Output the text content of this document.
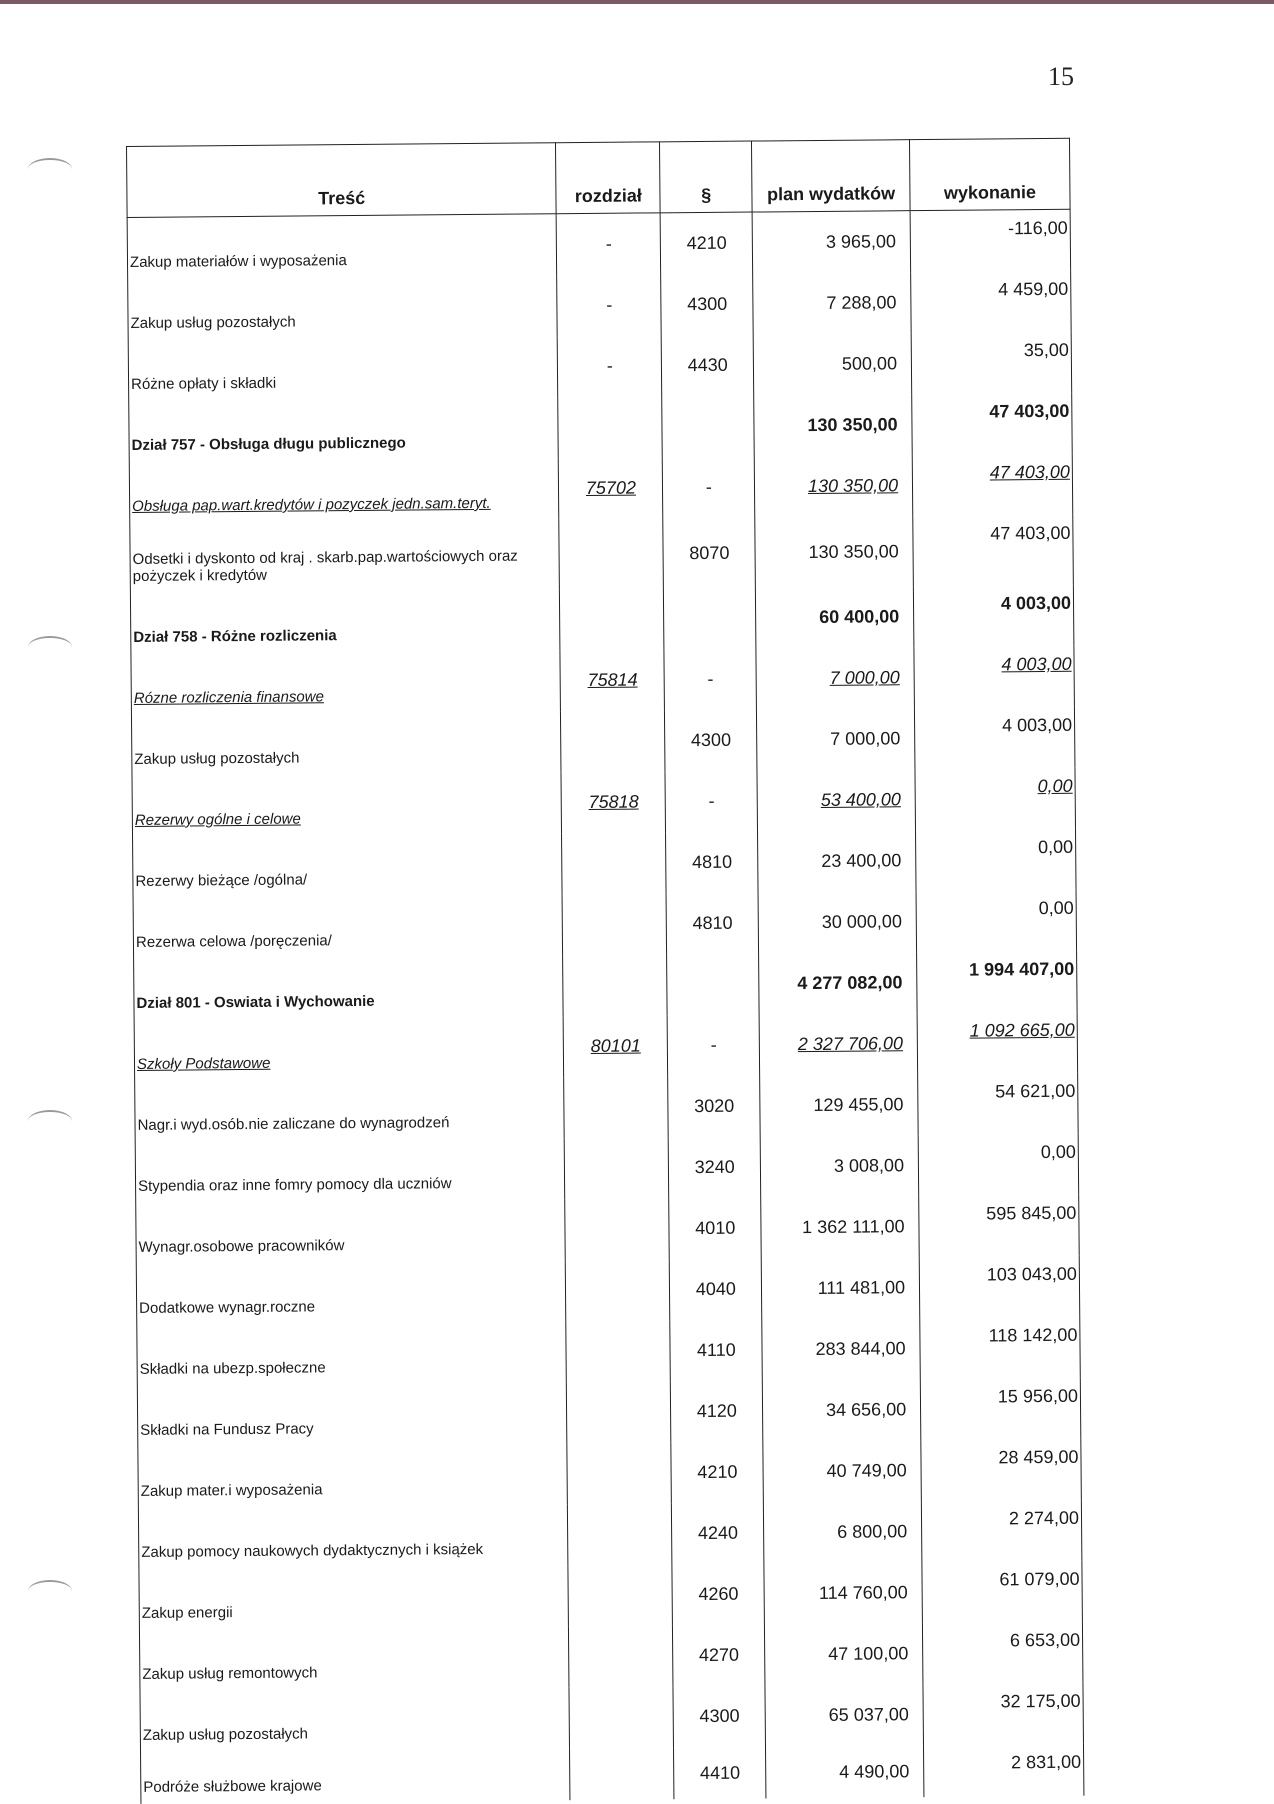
15
Treść	rozdział	§	plan wydatków	wykonanie
Zakup materiałów i wyposażenia	-	4210	3 965,00	-116,00
Zakup usług pozostałych	-	4300	7 288,00	4 459,00
Różne opłaty i składki	-	4430	500,00	35,00
Dział 757 - Obsługa długu publicznego			130 350,00	47 403,00
Obsługa pap.wart.kredytów i pozyczek jedn.sam.teryt.	75702	-	130 350,00	47 403,00
Odsetki i dyskonto od kraj . skarb.pap.wartościowych oraz pożyczek i kredytów		8070	130 350,00	47 403,00
Dział 758 - Różne rozliczenia			60 400,00	4 003,00
Rózne rozliczenia finansowe	75814	-	7 000,00	4 003,00
Zakup usług pozostałych		4300	7 000,00	4 003,00
Rezerwy ogólne i celowe	75818	-	53 400,00	0,00
Rezerwy bieżące /ogólna/		4810	23 400,00	0,00
Rezerwa celowa /poręczenia/		4810	30 000,00	0,00
Dział 801 - Oswiata i Wychowanie			4 277 082,00	1 994 407,00
Szkoły Podstawowe	80101	-	2 327 706,00	1 092 665,00
Nagr.i wyd.osób.nie zaliczane do wynagrodzeń		3020	129 455,00	54 621,00
Stypendia oraz inne fomry pomocy dla uczniów		3240	3 008,00	0,00
Wynagr.osobowe pracowników		4010	1 362 111,00	595 845,00
Dodatkowe wynagr.roczne		4040	111 481,00	103 043,00
Składki na ubezp.społeczne		4110	283 844,00	118 142,00
Składki na Fundusz Pracy		4120	34 656,00	15 956,00
Zakup mater.i wyposażenia		4210	40 749,00	28 459,00
Zakup pomocy naukowych dydaktycznych i książek		4240	6 800,00	2 274,00
Zakup energii		4260	114 760,00	61 079,00
Zakup usług remontowych		4270	47 100,00	6 653,00
Zakup usług pozostałych		4300	65 037,00	32 175,00
Podróże służbowe krajowe		4410	4 490,00	2 831,00
